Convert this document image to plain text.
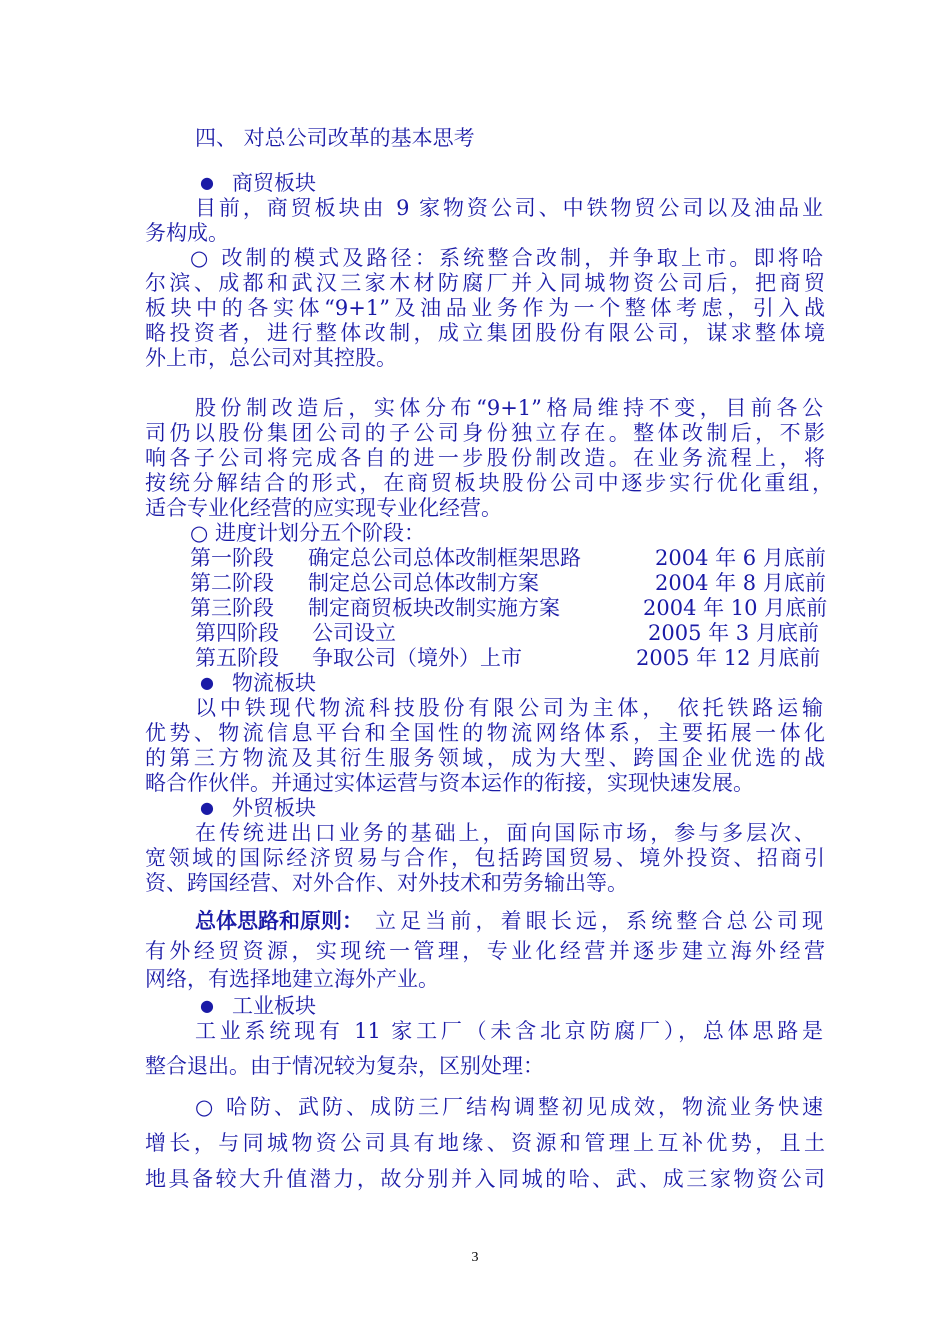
四、 对总公司改革的基本思考
● 商贸板块
目前，商贸板块由 9 家物资公司、中铁物贸公司以及油品业
务构成。
○ 改制的模式及路径：系统整合改制，并争取上市。即将哈
尔滨、成都和武汉三家木材防腐厂并入同城物资公司后，把商贸
板块中的各实体“9+1”及油品业务作为一个整体考虑，引入战
略投资者，进行整体改制，成立集团股份有限公司，谋求整体境
外上市，总公司对其控股。
股份制改造后，实体分布“9+1”格局维持不变，目前各公
司仍以股份集团公司的子公司身份独立存在。整体改制后，不影
响各子公司将完成各自的进一步股份制改造。在业务流程上，将
按统分解结合的形式，在商贸板块股份公司中逐步实行优化重组，
适合专业化经营的应实现专业化经营。
○ 进度计划分五个阶段：
第一阶段 确定总公司总体改制框架思路	2004 年 6 月底前
第二阶段 制定总公司总体改制方案	2004 年 8 月底前
第三阶段 制定商贸板块改制实施方案	2004 年 10 月底前
第四阶段 公司设立	2005 年 3 月底前
第五阶段 争取公司（境外）上市	2005 年 12 月底前
● 物流板块
以中铁现代物流科技股份有限公司为主体， 依托铁路运输
优势、物流信息平台和全国性的物流网络体系，主要拓展一体化
的第三方物流及其衍生服务领域，成为大型、跨国企业优选的战
略合作伙伴。并通过实体运营与资本运作的衔接，实现快速发展。
● 外贸板块
在传统进出口业务的基础上，面向国际市场，参与多层次、
宽领域的国际经济贸易与合作，包括跨国贸易、境外投资、招商引
资、跨国经营、对外合作、对外技术和劳务输出等。
总体思路和原则： 立足当前，着眼长远，系统整合总公司现
有外经贸资源，实现统一管理，专业化经营并逐步建立海外经营
网络，有选择地建立海外产业。
● 工业板块
工业系统现有 11 家工厂（未含北京防腐厂），总体思路是
整合退出。由于情况较为复杂，区别处理：
○ 哈防、武防、成防三厂结构调整初见成效，物流业务快速
增长，与同城物资公司具有地缘、资源和管理上互补优势，且土
地具备较大升值潜力，故分别并入同城的哈、武、成三家物资公司
3
